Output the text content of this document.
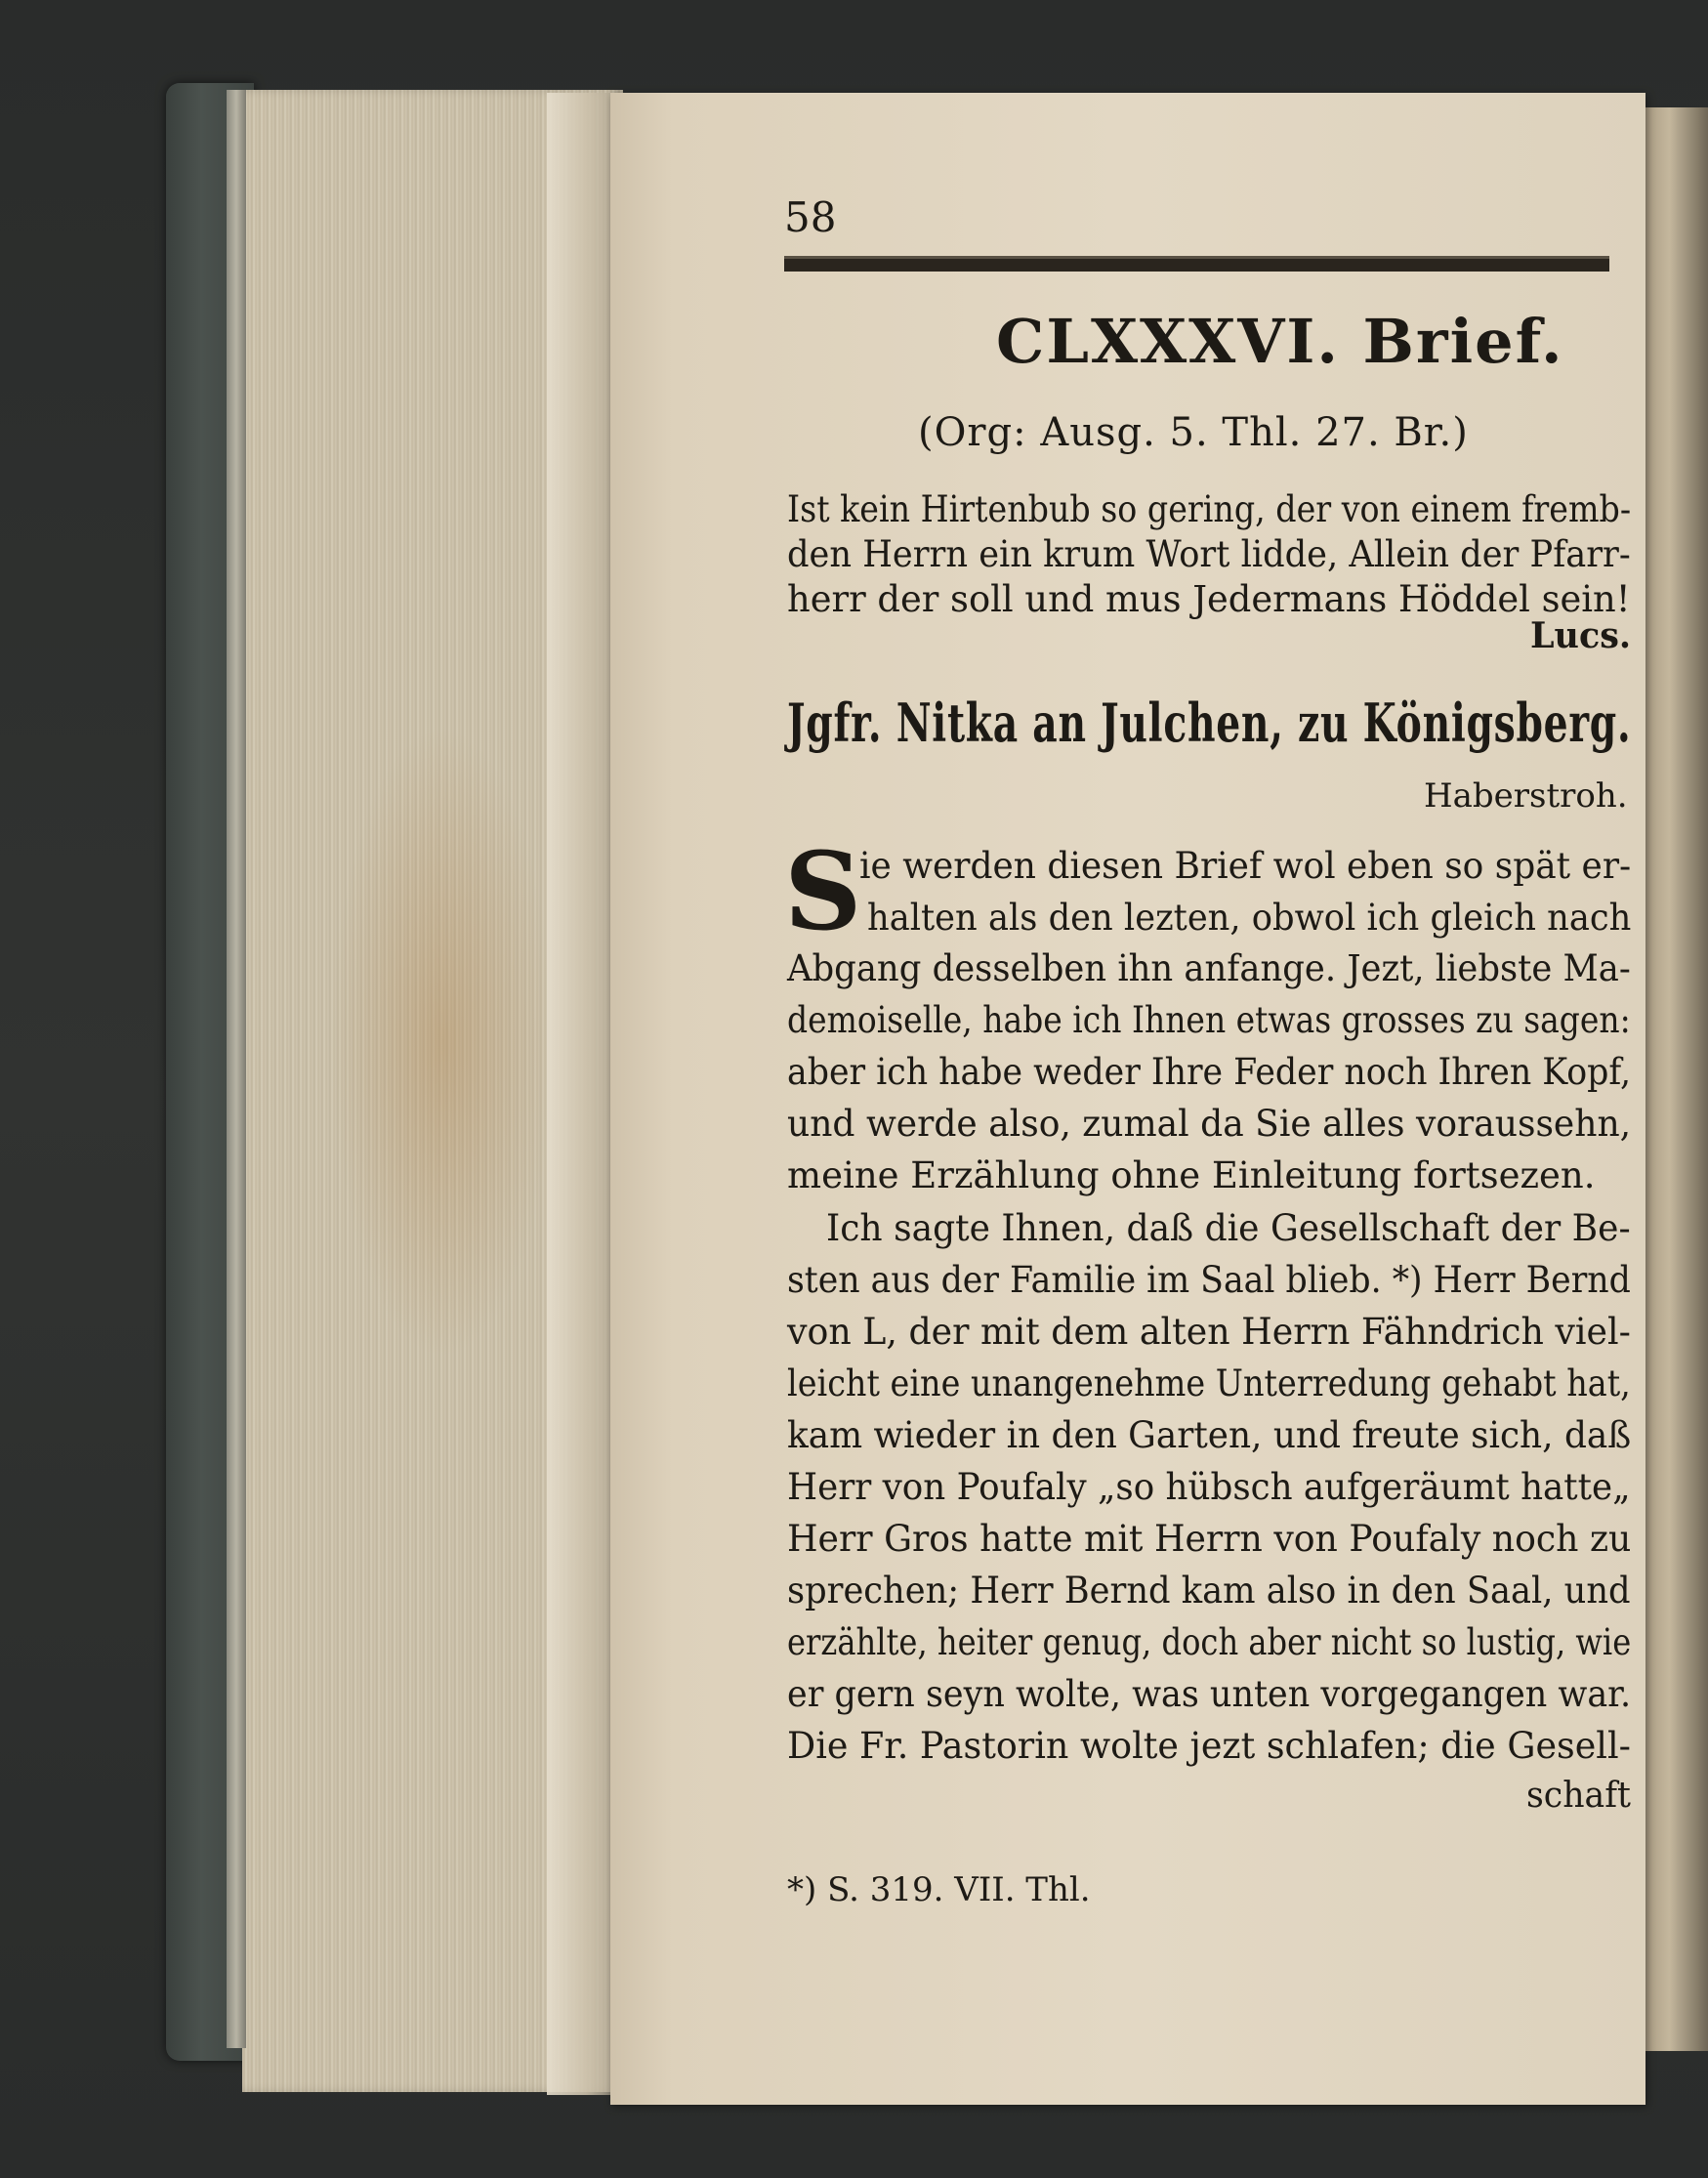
58
CLXXXVI. Brief.
(Org: Ausg. 5. Thl. 27. Br.)
Ist kein Hirtenbub so gering, der von einem fremb-
den Herrn ein krum Wort lidde, Allein der Pfarr-
herr der soll und mus Jedermans Höddel sein!
Lucs.
Jgfr. Nitka an Julchen, zu Königsberg.
Haberstroh.
S
ie werden diesen Brief wol eben so spät er-
halten als den lezten, obwol ich gleich nach
Abgang desselben ihn anfange. Jezt, liebste Ma-
demoiselle, habe ich Ihnen etwas grosses zu sagen:
aber ich habe weder Ihre Feder noch Ihren Kopf,
und werde also, zumal da Sie alles voraussehn,
meine Erzählung ohne Einleitung fortsezen.
Ich sagte Ihnen, daß die Gesellschaft der Be-
sten aus der Familie im Saal blieb. *) Herr Bernd
von L, der mit dem alten Herrn Fähndrich viel-
leicht eine unangenehme Unterredung gehabt hat,
kam wieder in den Garten, und freute sich, daß
Herr von Poufaly „so hübsch aufgeräumt hatte„
Herr Gros hatte mit Herrn von Poufaly noch zu
sprechen; Herr Bernd kam also in den Saal, und
erzählte, heiter genug, doch aber nicht so lustig, wie
er gern seyn wolte, was unten vorgegangen war.
Die Fr. Pastorin wolte jezt schlafen; die Gesell-
schaft
*) S. 319. VII. Thl.
